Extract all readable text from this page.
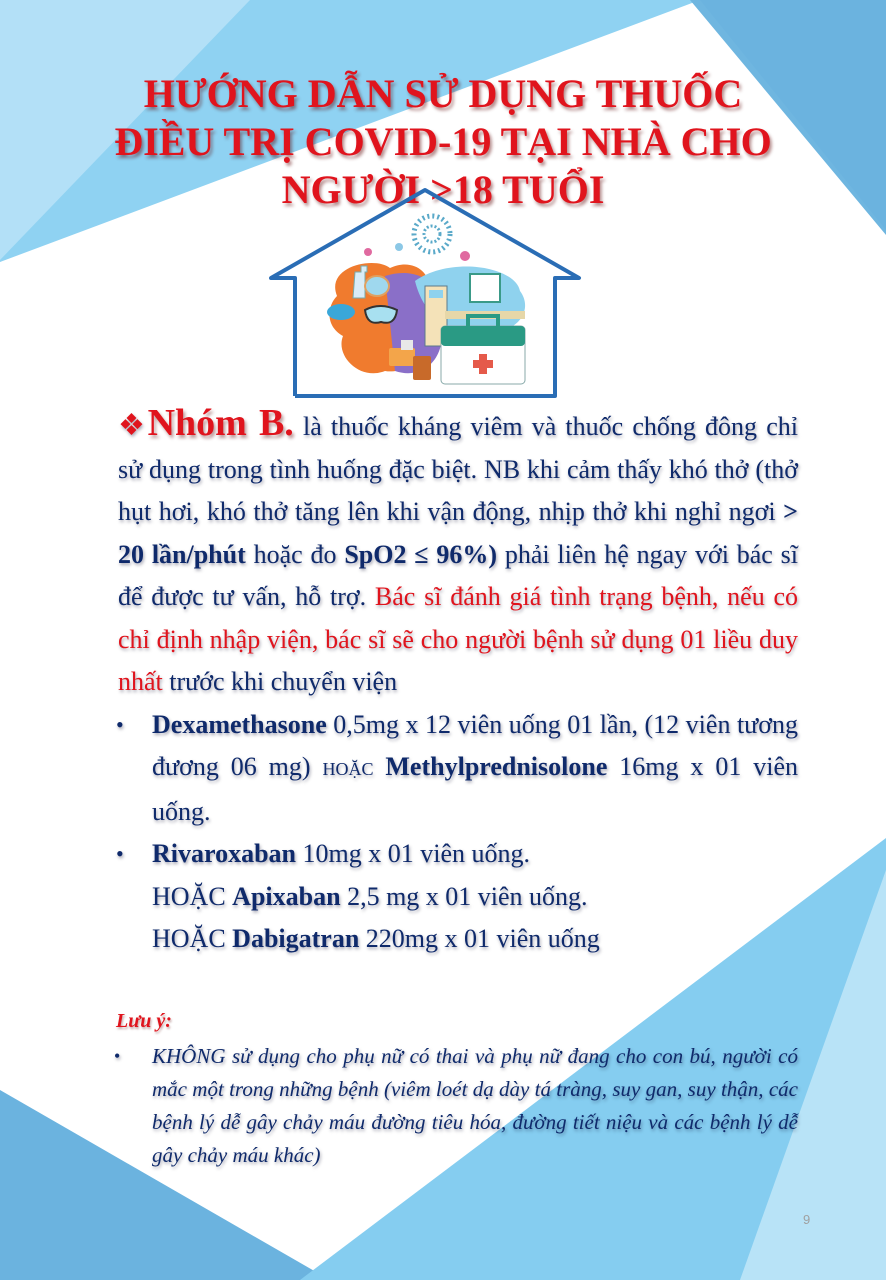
HƯỚNG DẪN SỬ DỤNG THUỐC
ĐIỀU TRỊ COVID-19 TẠI NHÀ CHO
NGƯỜI >18 TUỔI
❖Nhóm B. là thuốc kháng viêm và thuốc chống đông chỉ sử dụng trong tình huống đặc biệt. NB khi cảm thấy khó thở (thở hụt hơi, khó thở tăng lên khi vận động, nhịp thở khi nghỉ ngơi > 20 lần/phút hoặc đo SpO2 ≤ 96%) phải liên hệ ngay với bác sĩ để được tư vấn, hỗ trợ. Bác sĩ đánh giá tình trạng bệnh, nếu có chỉ định nhập viện, bác sĩ sẽ cho người bệnh sử dụng 01 liều duy nhất trước khi chuyển viện
• Dexamethasone 0,5mg x 12 viên uống 01 lần, (12 viên tương đương 06 mg) HOẶC Methylprednisolone 16mg x 01 viên uống.
• Rivaroxaban 10mg x 01 viên uống.
HOẶC Apixaban 2,5 mg x 01 viên uống.
HOẶC Dabigatran 220mg x 01 viên uống
Lưu ý:
• KHÔNG sử dụng cho phụ nữ có thai và phụ nữ đang cho con bú, người có mắc một trong những bệnh (viêm loét dạ dày tá tràng, suy gan, suy thận, các bệnh lý dễ gây chảy máu đường tiêu hóa, đường tiết niệu và các bệnh lý dễ gây chảy máu khác)
9
